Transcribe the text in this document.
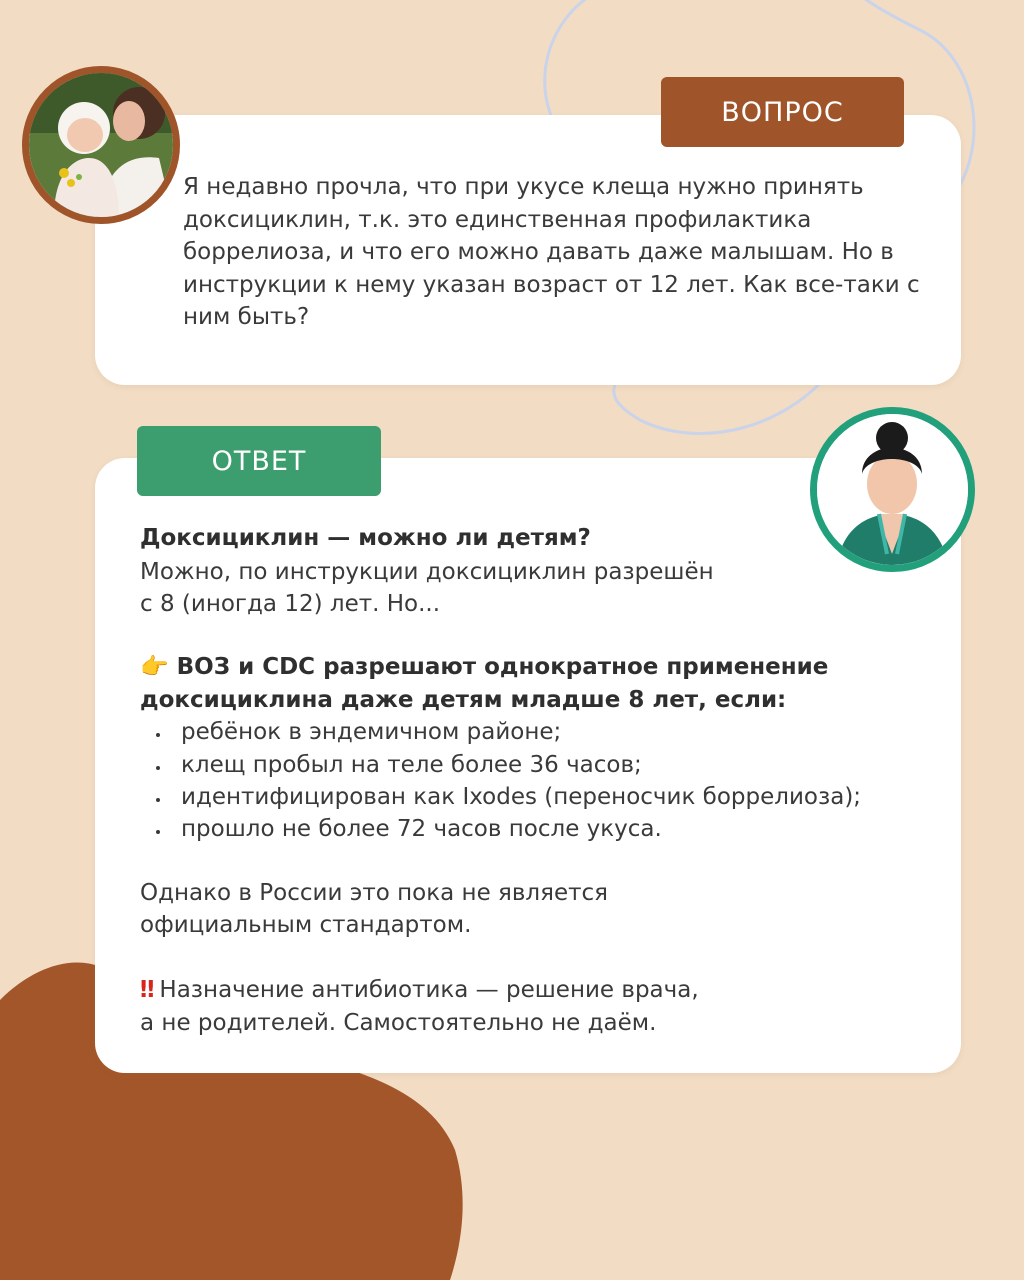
ВОПРОС

Я недавно прочла, что при укусе клеща нужно принять доксициклин, т.к. это единственная профилактика боррелиоза, и что его можно давать даже малышам. Но в инструкции к нему указан возраст от 12 лет. Как все-таки с ним быть?

ОТВЕТ
Доксициклин — можно ли детям?
Можно, по инструкции доксициклин разрешён
с 8 (иногда 12) лет. Но...
👉 ВОЗ и CDC разрешают однократное применение
доксициклина даже детям младше 8 лет, если:
ребёнок в эндемичном районе;
клещ пробыл на теле более 36 часов;
идентифицирован как Ixodes (переносчик боррелиоза);
прошло не более 72 часов после укуса.
Однако в России это пока не является
официальным стандартом.
‼ Назначение антибиотика — решение врача,
а не родителей. Самостоятельно не даём.
